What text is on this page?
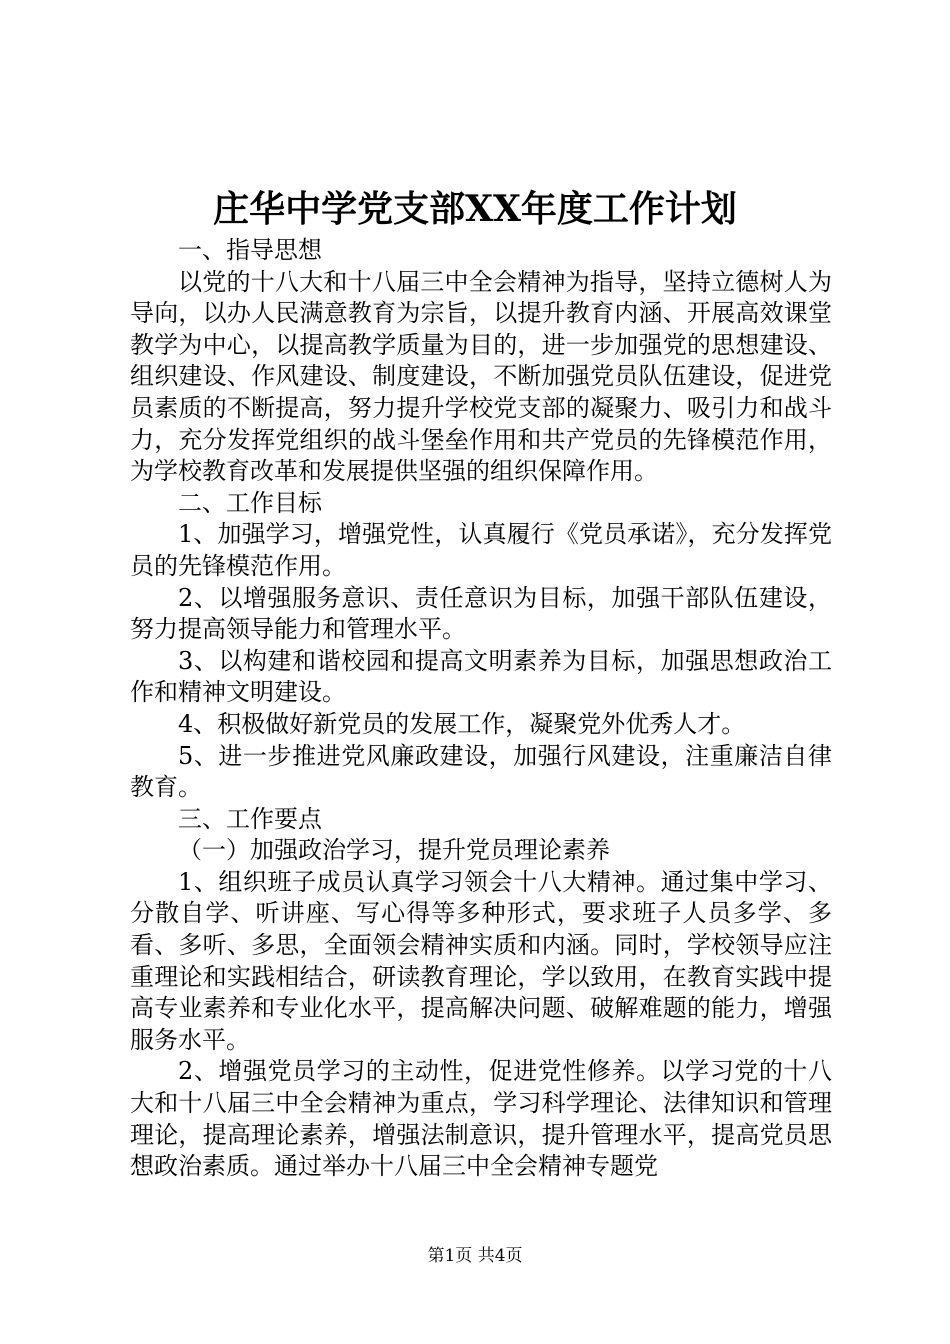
庄华中学党支部XX年度工作计划

一、指导思想

以党的十八大和十八届三中全会精神为指导，坚持立德树人为导向，以办人民满意教育为宗旨，以提升教育内涵、开展高效课堂教学为中心，以提高教学质量为目的，进一步加强党的思想建设、组织建设、作风建设、制度建设，不断加强党员队伍建设，促进党员素质的不断提高，努力提升学校党支部的凝聚力、吸引力和战斗力，充分发挥党组织的战斗堡垒作用和共产党员的先锋模范作用，为学校教育改革和发展提供坚强的组织保障作用。

二、工作目标

1、加强学习，增强党性，认真履行《党员承诺》，充分发挥党员的先锋模范作用。

2、以增强服务意识、责任意识为目标，加强干部队伍建设，努力提高领导能力和管理水平。

3、以构建和谐校园和提高文明素养为目标，加强思想政治工作和精神文明建设。

4、积极做好新党员的发展工作，凝聚党外优秀人才。

5、进一步推进党风廉政建设，加强行风建设，注重廉洁自律教育。

三、工作要点

（一）加强政治学习，提升党员理论素养

1、组织班子成员认真学习领会十八大精神。通过集中学习、分散自学、听讲座、写心得等多种形式，要求班子人员多学、多看、多听、多思，全面领会精神实质和内涵。同时，学校领导应注重理论和实践相结合，研读教育理论，学以致用，在教育实践中提高专业素养和专业化水平，提高解决问题、破解难题的能力，增强服务水平。

2、增强党员学习的主动性，促进党性修养。以学习党的十八大和十八届三中全会精神为重点，学习科学理论、法律知识和管理理论，提高理论素养，增强法制意识，提升管理水平，提高党员思想政治素质。通过举办十八届三中全会精神专题党

第1页 共4页
